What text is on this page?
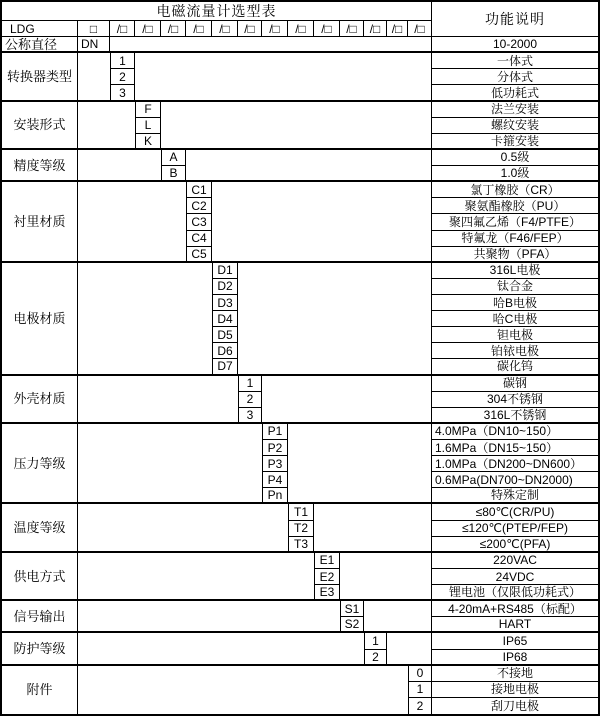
电磁流量计选型表
功能说明
LDG	□	/□	/□	/□	/□	/□	/□	/□	/□	/□	/□	/□ /□ /□
公称直径	DN	10-2000
转换器类型
1	一体式
2	分体式
3	低功耗式
安装形式
F	法兰安装
L	螺纹安装
K	卡箍安装
精度等级
A	0.5级
B	1.0级
衬里材质
C1	氯丁橡胶（CR）
C2	聚氨酯橡胶（PU）
C3	聚四氟乙烯（F4/PTFE）
C4	特氟龙（F46/FEP）
C5	共聚物（PFA）
电极材质
D1	316L电极
D2	钛合金
D3	哈B电极
D4	哈C电极
D5	钽电极
D6	铂铱电极
D7	碳化钨
外壳材质
1	碳钢
2	304不锈钢
3	316L不锈钢
压力等级
P1	4.0MPa（DN10~150）
P2	1.6MPa（DN15~150）
P3	1.0MPa（DN200~DN600）
P4	0.6MPa(DN700~DN2000)
Pn	特殊定制
温度等级
T1	≤80℃(CR/PU)
T2	≤120℃(PTEP/FEP)
T3	≤200℃(PFA)
供电方式
E1	220VAC
E2	24VDC
E3	锂电池（仅限低功耗式）
信号输出
S1	4-20mA+RS485（标配）
S2	HART
防护等级
1	IP65
2	IP68
附件
0	不接地
1	接地电极
2	刮刀电极
